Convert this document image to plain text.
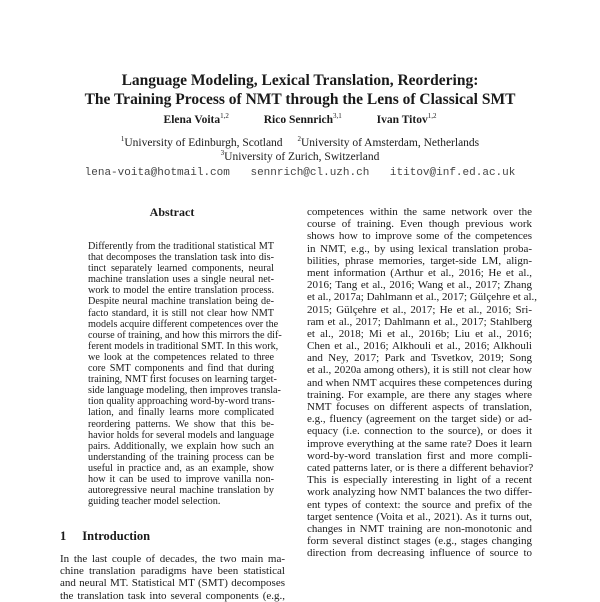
Language Modeling, Lexical Translation, Reordering:
The Training Process of NMT through the Lens of Classical SMT
Elena Voita$^{1,2}$	Rico Sennrich$^{3,1}$	Ivan Titov$^{1,2}$
$^1$University of Edinburgh, Scotland $^2$University of Amsterdam, Netherlands
$^3$University of Zurich, Switzerland
lena-voita@hotmail.com sennrich@cl.uzh.ch ititov@inf.ed.ac.uk
Abstract
Differently from the traditional statistical MT
that decomposes the translation task into dis-
tinct separately learned components, neural
machine translation uses a single neural net-
work to model the entire translation process.
Despite neural machine translation being de-
facto standard, it is still not clear how NMT
models acquire different competences over the
course of training, and how this mirrors the dif-
ferent models in traditional SMT. In this work,
we look at the competences related to three
core SMT components and find that during
training, NMT first focuses on learning target-
side language modeling, then improves transla-
tion quality approaching word-by-word trans-
lation, and finally learns more complicated
reordering patterns. We show that this be-
havior holds for several models and language
pairs. Additionally, we explain how such an
understanding of the training process can be
useful in practice and, as an example, show
how it can be used to improve vanilla non-
autoregressive neural machine translation by
guiding teacher model selection.
1 Introduction
In the last couple of decades, the two main ma-
chine translation paradigms have been statistical
and neural MT. Statistical MT (SMT) decomposes
the translation task into several components (e.g.,
competences within the same network over the
course of training. Even though previous work
shows how to improve some of the competences
in NMT, e.g., by using lexical translation proba-
bilities, phrase memories, target-side LM, align-
ment information (Arthur et al., 2016; He et al.,
2016; Tang et al., 2016; Wang et al., 2017; Zhang
et al., 2017a; Dahlmann et al., 2017; Gülçehre et al.,
2015; Gülçehre et al., 2017; He et al., 2016; Sri-
ram et al., 2017; Dahlmann et al., 2017; Stahlberg
et al., 2018; Mi et al., 2016b; Liu et al., 2016;
Chen et al., 2016; Alkhouli et al., 2016; Alkhouli
and Ney, 2017; Park and Tsvetkov, 2019; Song
et al., 2020a among others), it is still not clear how
and when NMT acquires these competences during
training. For example, are there any stages where
NMT focuses on different aspects of translation,
e.g., fluency (agreement on the target side) or ad-
equacy (i.e. connection to the source), or does it
improve everything at the same rate? Does it learn
word-by-word translation first and more compli-
cated patterns later, or is there a different behavior?
This is especially interesting in light of a recent
work analyzing how NMT balances the two differ-
ent types of context: the source and prefix of the
target sentence (Voita et al., 2021). As it turns out,
changes in NMT training are non-monotonic and
form several distinct stages (e.g., stages changing
direction from decreasing influence of source to
